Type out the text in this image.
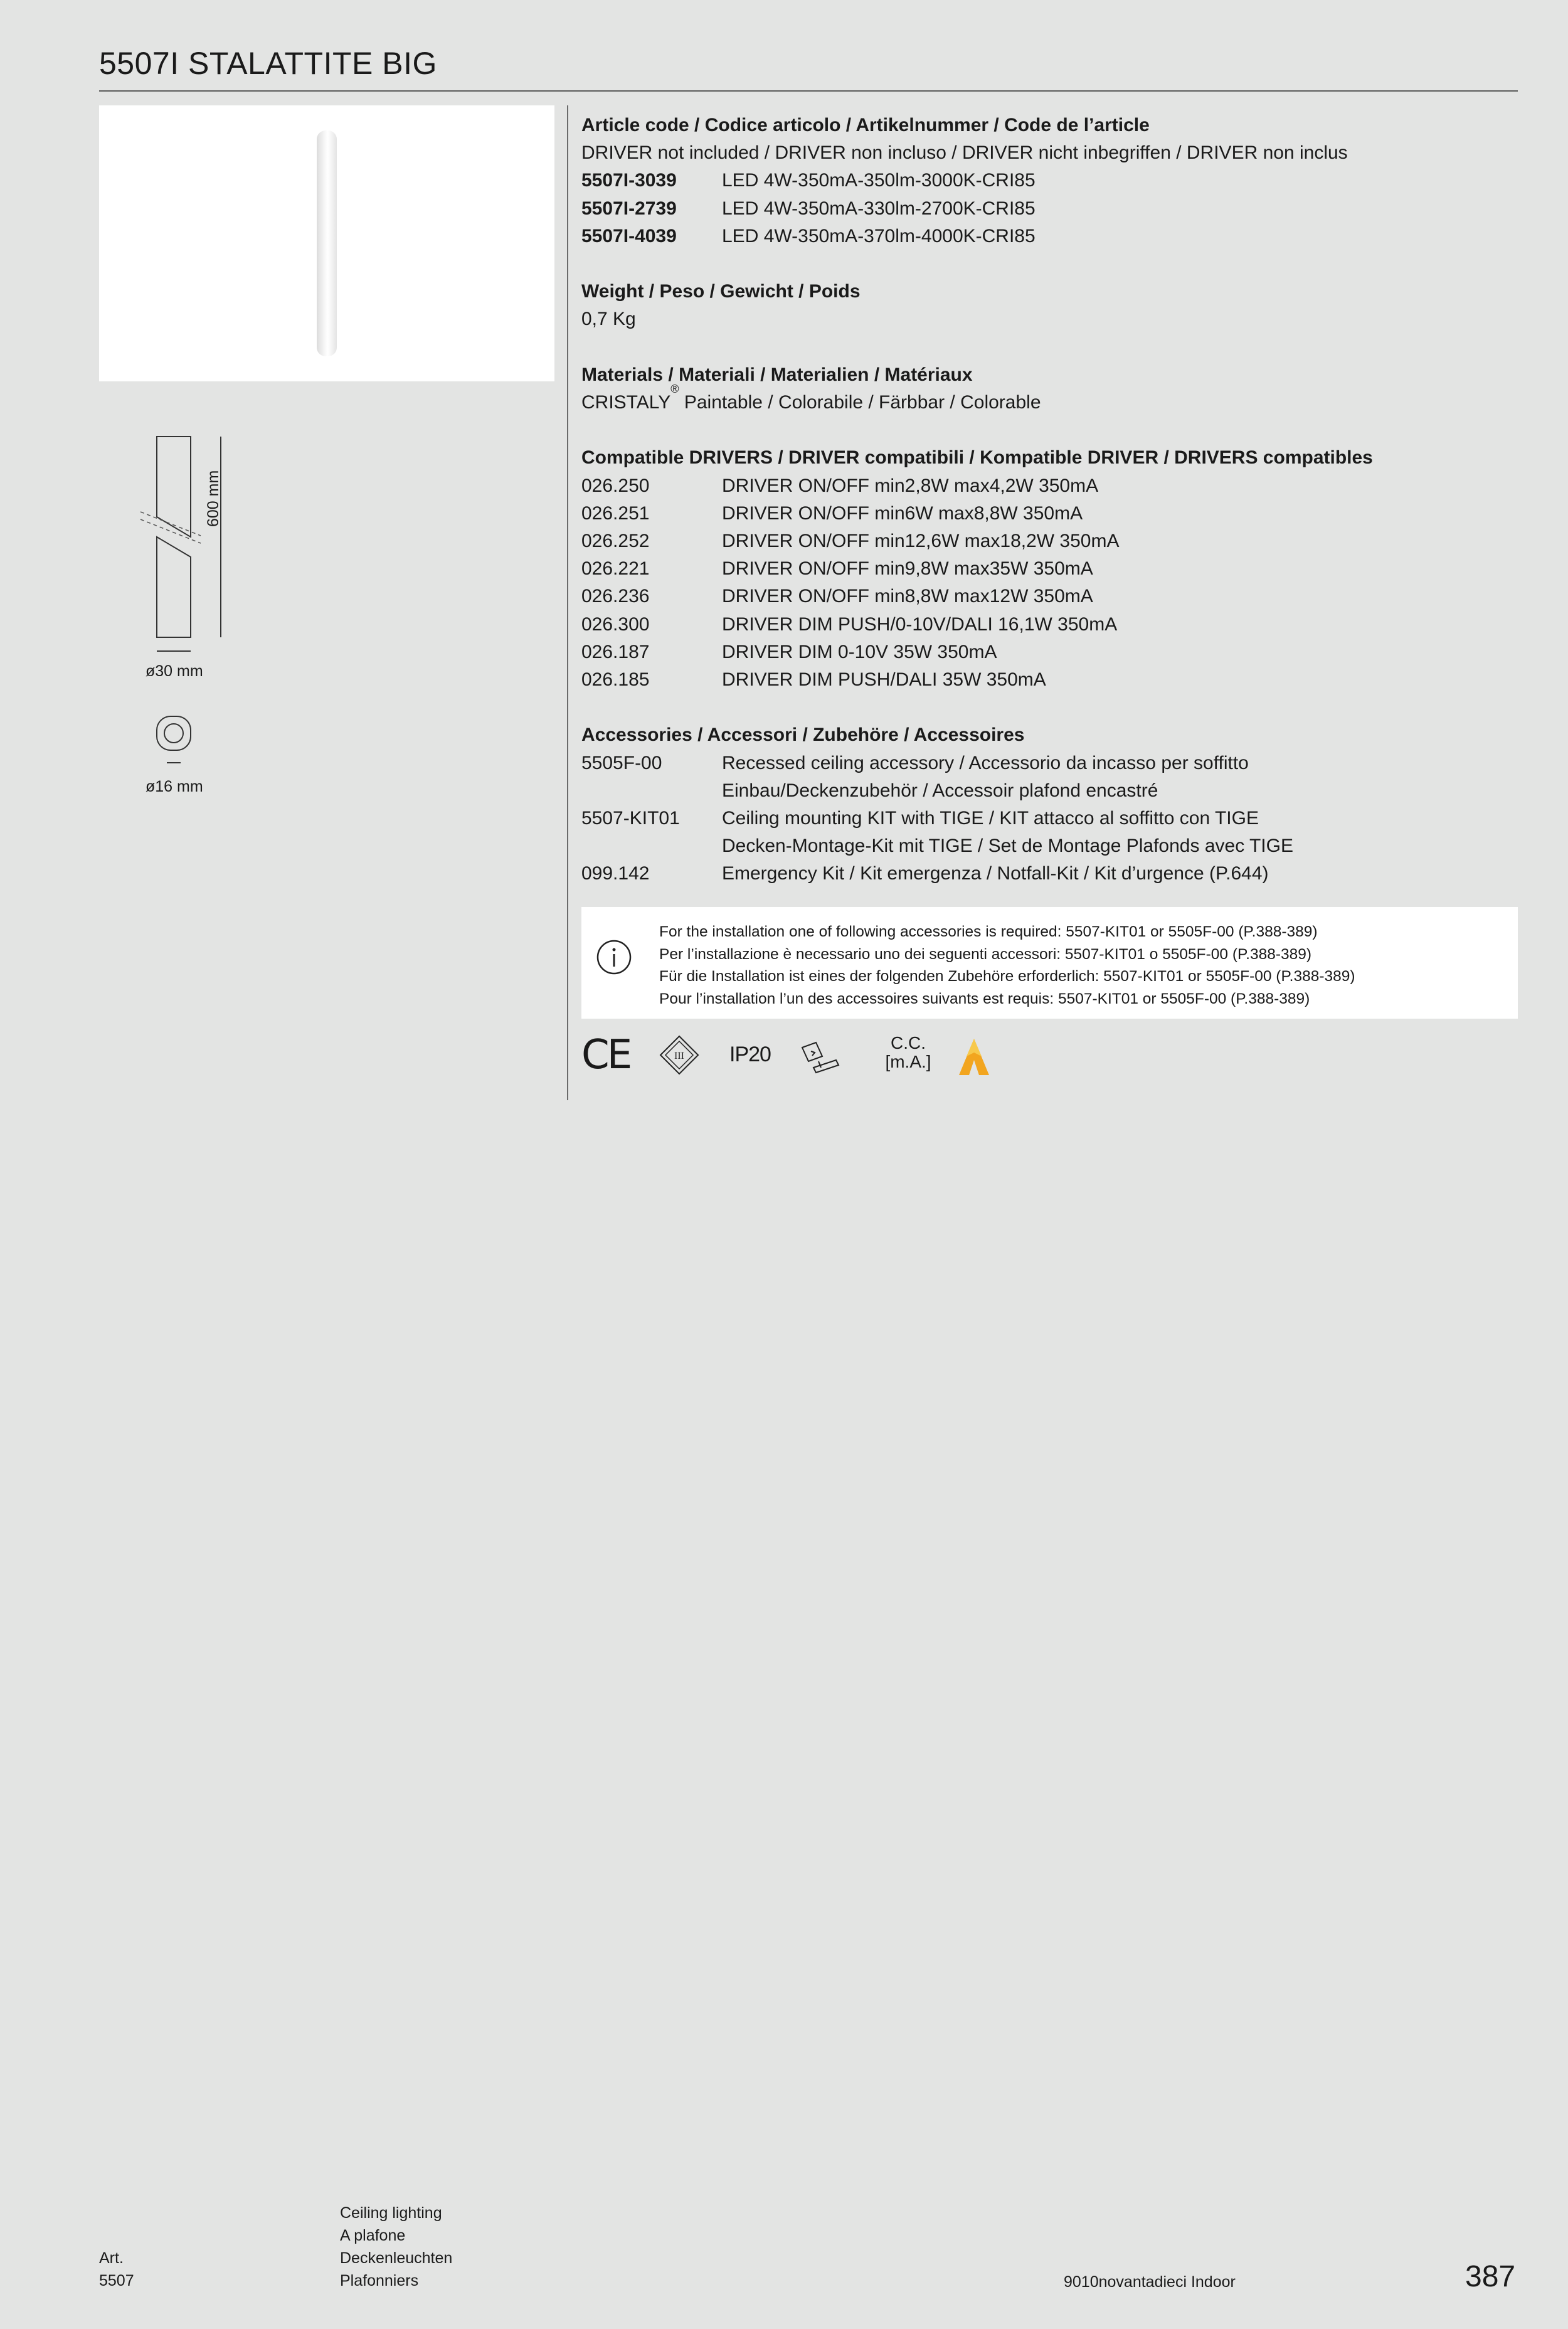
5507I STALATTITE BIG
600 mm
ø30 mm
ø16 mm
Article code / Codice articolo / Artikelnummer / Code de l’article
DRIVER not included / DRIVER non incluso / DRIVER nicht inbegriffen / DRIVER non inclus
5507I-3039	LED 4W-350mA-350lm-3000K-CRI85
5507I-2739	LED 4W-350mA-330lm-2700K-CRI85
5507I-4039	LED 4W-350mA-370lm-4000K-CRI85
Weight / Peso / Gewicht / Poids
0,7 Kg
Materials / Materiali / Materialien / Matériaux
CRISTALY
®
Paintable / Colorabile / Färbbar / Colorable
Compatible DRIVERS / DRIVER compatibili / Kompatible DRIVER / DRIVERS compatibles
026.250	DRIVER ON/OFF min2,8W max4,2W 350mA
026.251	DRIVER ON/OFF min6W max8,8W 350mA
026.252	DRIVER ON/OFF min12,6W max18,2W 350mA
026.221	DRIVER ON/OFF min9,8W max35W 350mA
026.236	DRIVER ON/OFF min8,8W max12W 350mA
026.300	DRIVER DIM PUSH/0-10V/DALI 16,1W 350mA
026.187	DRIVER DIM 0-10V 35W 350mA
026.185	DRIVER DIM PUSH/DALI 35W 350mA
Accessories / Accessori / Zubehöre / Accessoires
5505F-00	Recessed ceiling accessory / Accessorio da incasso per soffitto
Einbau/Deckenzubehör / Accessoir plafond encastré
5507-KIT01	Ceiling mounting KIT with TIGE / KIT attacco al soffitto con TIGE
Decken-Montage-Kit mit TIGE / Set de Montage Plafonds avec TIGE
099.142	Emergency Kit / Kit emergenza / Notfall-Kit / Kit d’urgence (P.644)
For the installation one of following accessories is required: 5507-KIT01 or 5505F-00 (P.388-389)
Per l’installazione è necessario uno dei seguenti accessori: 5507-KIT01 o 5505F-00 (P.388-389)
Für die Installation ist eines der folgenden Zubehöre erforderlich: 5507-KIT01 or 5505F-00 (P.388-389)
Pour l’installation l’un des accessoires suivants est requis: 5507-KIT01 or 5505F-00 (P.388-389)
CE	III IP20	C.C.
[m.A.]
Art.
5507
Ceiling lighting
A plafone
Deckenleuchten
Plafonniers	9010novantadieci Indoor	387
